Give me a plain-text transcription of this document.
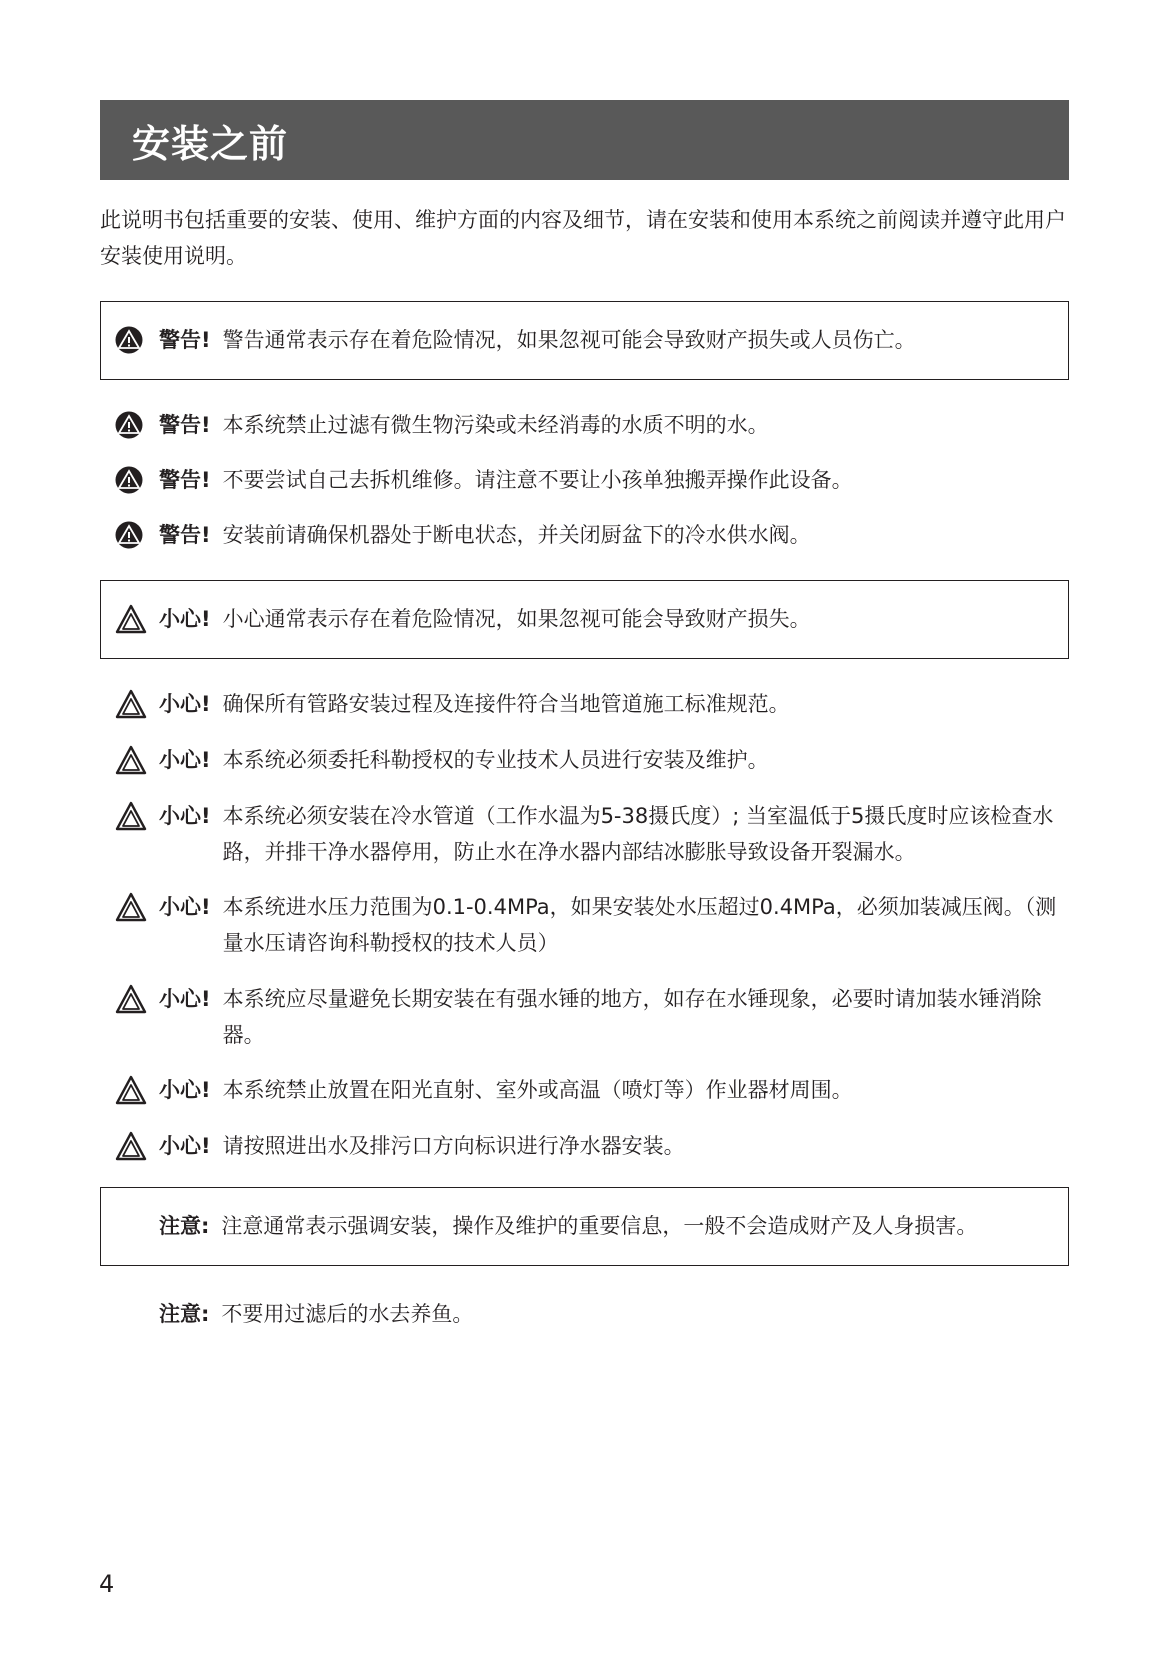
安装之前
此说明书包括重要的安装、使用、维护方面的内容及细节，请在安装和使用本系统之前阅读并遵守此用户安装使用说明。
警告! 警告通常表示存在着危险情况，如果忽视可能会导致财产损失或人员伤亡。
警告! 本系统禁止过滤有微生物污染或未经消毒的水质不明的水。
警告! 不要尝试自己去拆机维修。请注意不要让小孩单独搬弄操作此设备。
警告! 安装前请确保机器处于断电状态，并关闭厨盆下的冷水供水阀。
小心! 小心通常表示存在着危险情况，如果忽视可能会导致财产损失。
小心! 确保所有管路安装过程及连接件符合当地管道施工标准规范。
小心! 本系统必须委托科勒授权的专业技术人员进行安装及维护。
小心! 本系统必须安装在冷水管道（工作水温为5-38摄氏度）; 当室温低于5摄氏度时应该检查水路，并排干净水器停用，防止水在净水器内部结冰膨胀导致设备开裂漏水。
小心! 本系统进水压力范围为0.1-0.4MPa，如果安装处水压超过0.4MPa，必须加装减压阀。（测量水压请咨询科勒授权的技术人员）
小心! 本系统应尽量避免长期安装在有强水锤的地方，如存在水锤现象，必要时请加装水锤消除器。
小心! 本系统禁止放置在阳光直射、室外或高温（喷灯等）作业器材周围。
小心! 请按照进出水及排污口方向标识进行净水器安装。
注意: 注意通常表示强调安装，操作及维护的重要信息，一般不会造成财产及人身损害。
注意: 不要用过滤后的水去养鱼。
4
